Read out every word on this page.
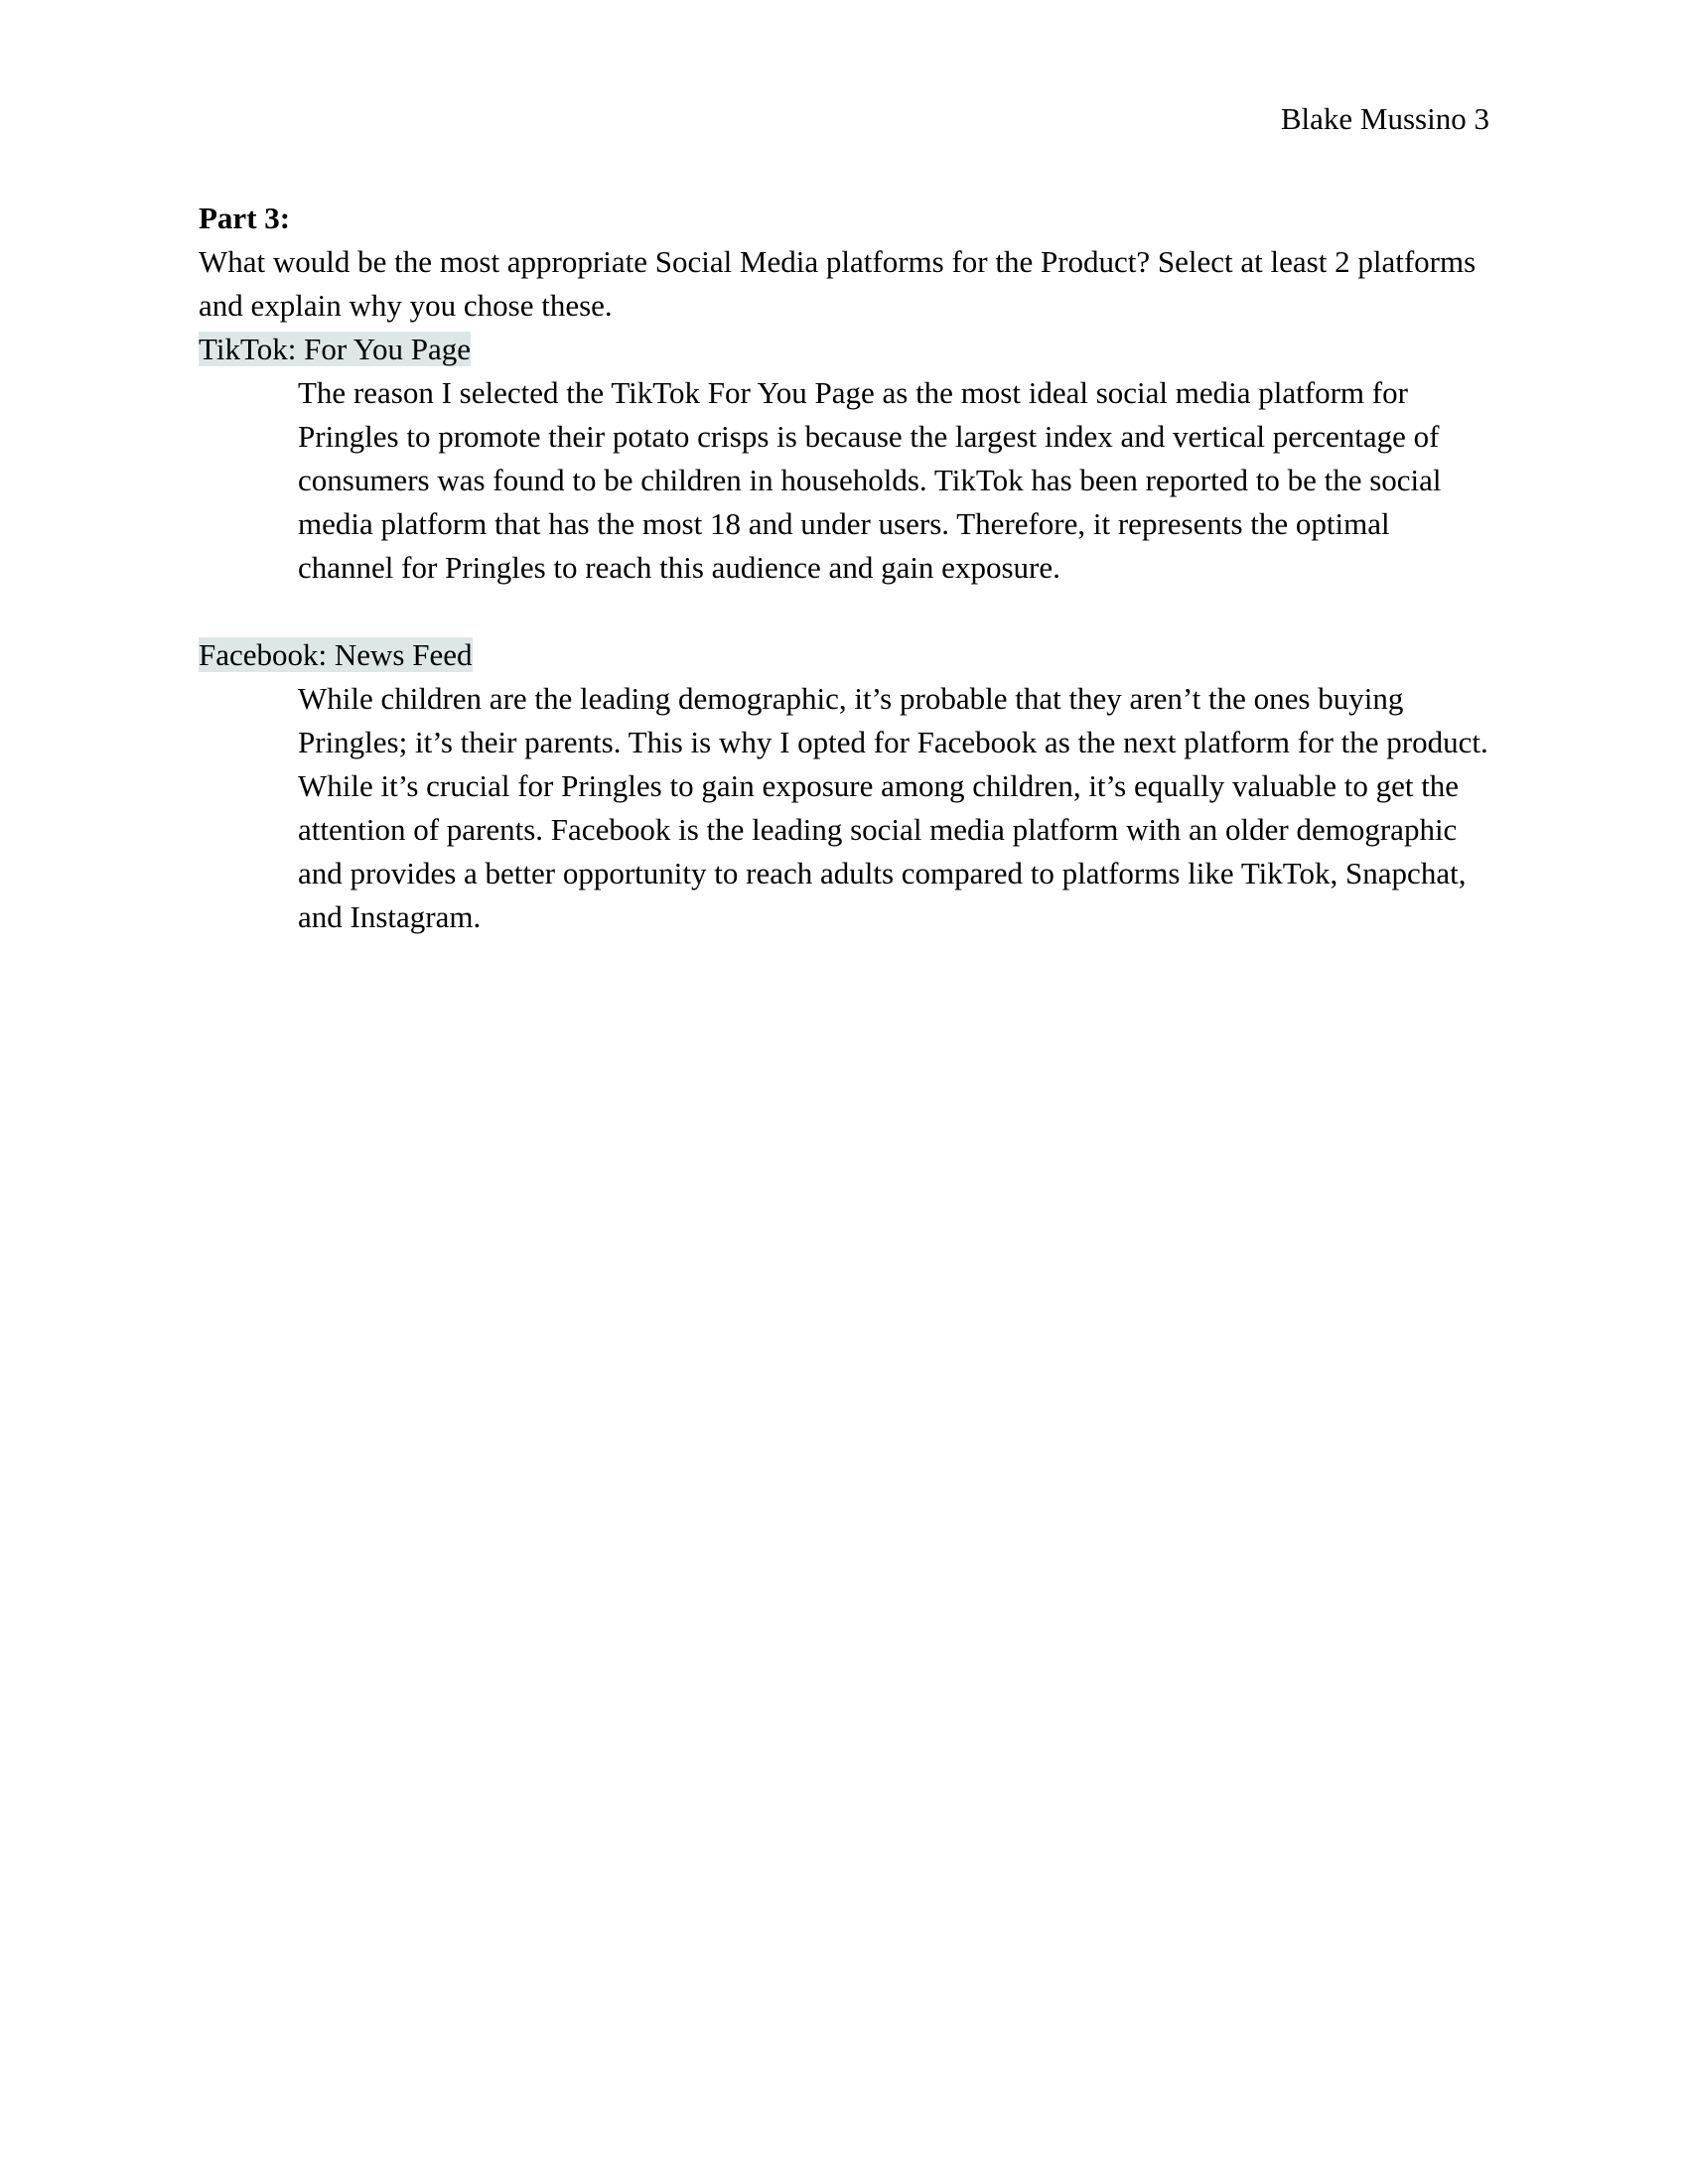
Blake Mussino 3

Part 3:

What would be the most appropriate Social Media platforms for the Product? Select at least 2 platforms and explain why you chose these.

TikTok: For You Page

The reason I selected the TikTok For You Page as the most ideal social media platform for Pringles to promote their potato crisps is because the largest index and vertical percentage of consumers was found to be children in households. TikTok has been reported to be the social media platform that has the most 18 and under users. Therefore, it represents the optimal channel for Pringles to reach this audience and gain exposure.

Facebook: News Feed

While children are the leading demographic, it’s probable that they aren’t the ones buying Pringles; it’s their parents. This is why I opted for Facebook as the next platform for the product. While it’s crucial for Pringles to gain exposure among children, it’s equally valuable to get the attention of parents. Facebook is the leading social media platform with an older demographic and provides a better opportunity to reach adults compared to platforms like TikTok, Snapchat, and Instagram.
